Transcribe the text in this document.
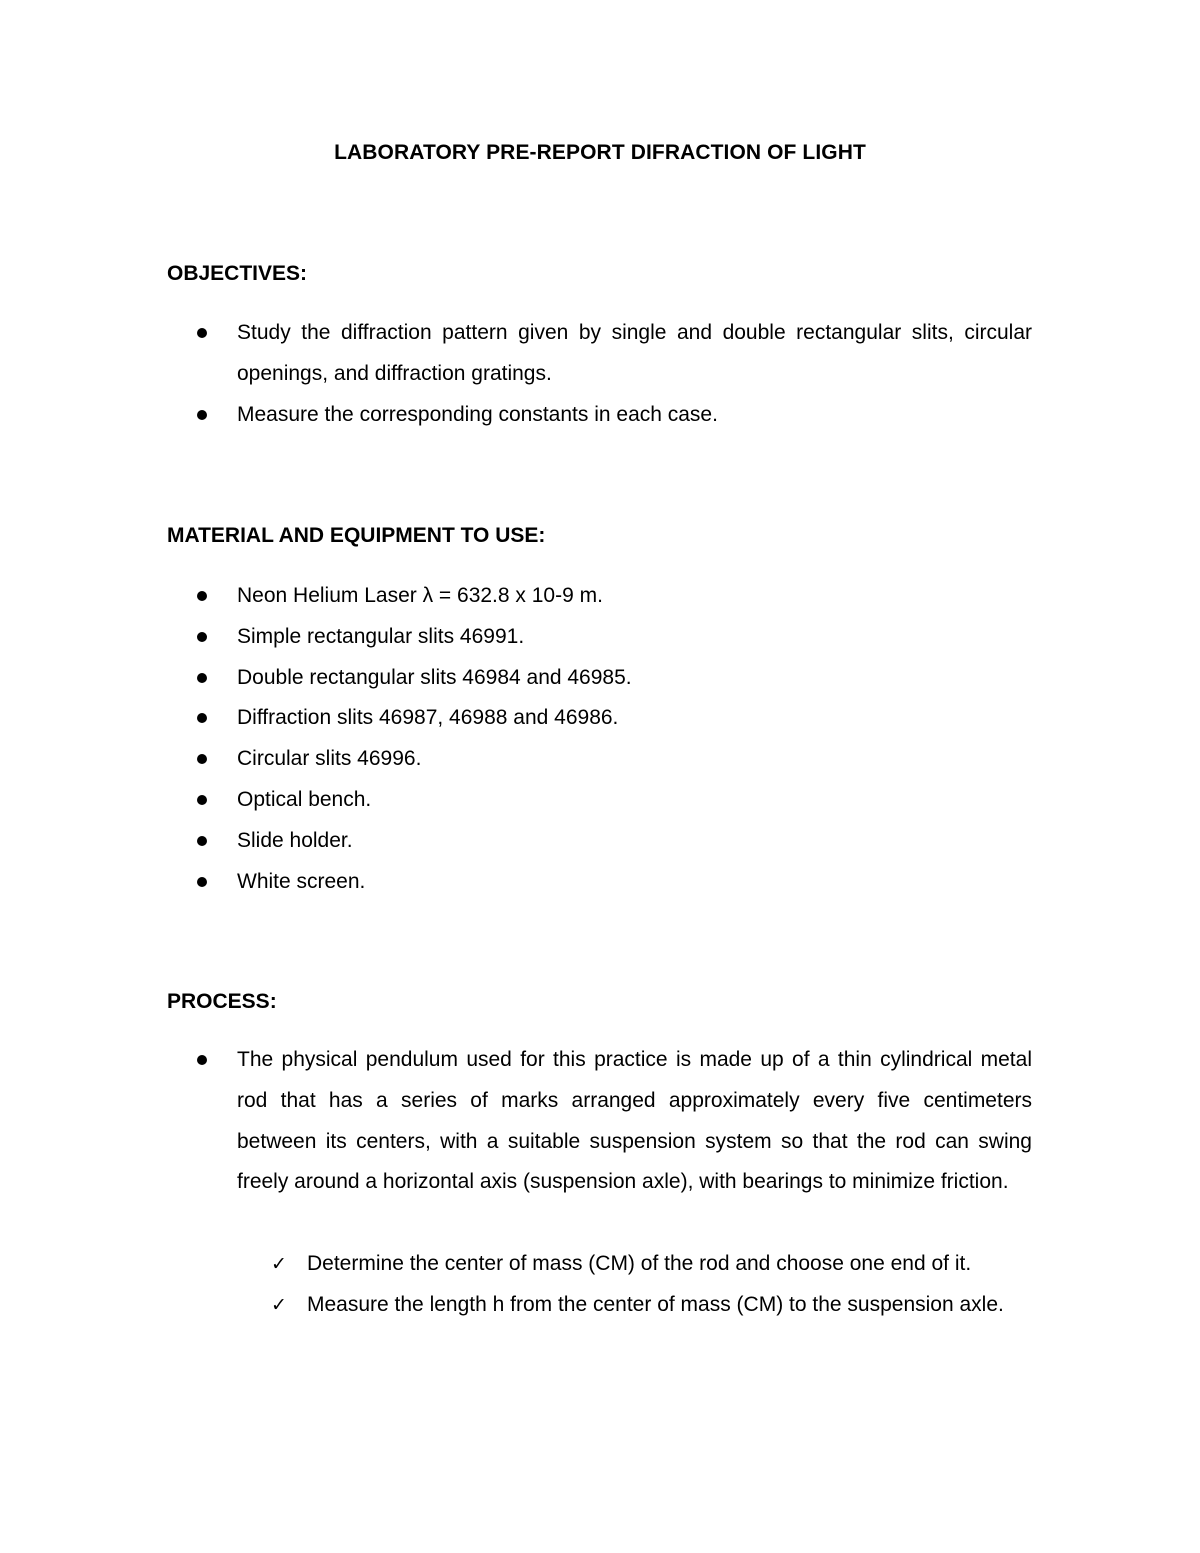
LABORATORY PRE-REPORT DIFRACTION OF LIGHT
OBJECTIVES:
Study the diffraction pattern given by single and double rectangular slits, circular openings, and diffraction gratings.
Measure the corresponding constants in each case.
MATERIAL AND EQUIPMENT TO USE:
Neon Helium Laser λ = 632.8 x 10-9 m.
Simple rectangular slits 46991.
Double rectangular slits 46984 and 46985.
Diffraction slits 46987, 46988 and 46986.
Circular slits 46996.
Optical bench.
Slide holder.
White screen.
PROCESS:
The physical pendulum used for this practice is made up of a thin cylindrical metal rod that has a series of marks arranged approximately every five centimeters between its centers, with a suitable suspension system so that the rod can swing freely around a horizontal axis (suspension axle), with bearings to minimize friction.
✓ Determine the center of mass (CM) of the rod and choose one end of it.
✓ Measure the length h from the center of mass (CM) to the suspension axle.
